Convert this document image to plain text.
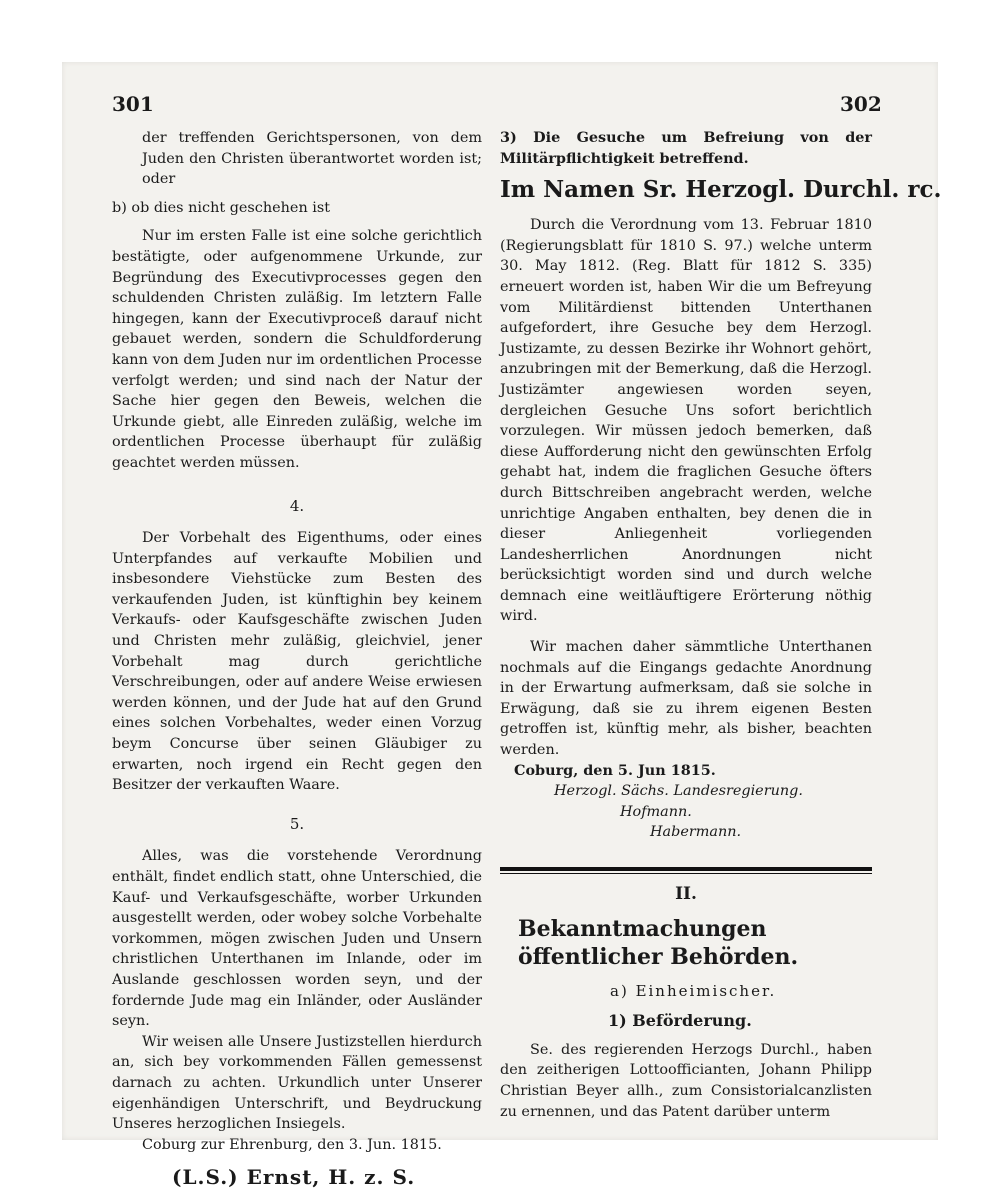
301	302

der treffenden Gerichtspersonen, von dem Juden den Christen überantwortet worden ist; oder

b) ob dies nicht geschehen ist

Nur im ersten Falle ist eine solche gerichtlich bestätigte, oder aufgenommene Urkunde, zur Begründung des Executivprocesses gegen den schuldenden Christen zuläßig. Im letztern Falle hingegen, kann der Executivproceß darauf nicht gebauet werden, sondern die Schuldforderung kann von dem Juden nur im ordentlichen Processe verfolgt werden; und sind nach der Natur der Sache hier gegen den Beweis, welchen die Urkunde giebt, alle Einreden zuläßig, welche im ordentlichen Processe überhaupt für zuläßig geachtet werden müssen.

4.

Der Vorbehalt des Eigenthums, oder eines Unterpfandes auf verkaufte Mobilien und insbesondere Viehstücke zum Besten des verkaufenden Juden, ist künftighin bey keinem Verkaufs- oder Kaufsgeschäfte zwischen Juden und Christen mehr zuläßig, gleichviel, jener Vorbehalt mag durch gerichtliche Verschreibungen, oder auf andere Weise erwiesen werden können, und der Jude hat auf den Grund eines solchen Vorbehaltes, weder einen Vorzug beym Concurse über seinen Gläubiger zu erwarten, noch irgend ein Recht gegen den Besitzer der verkauften Waare.

5.

Alles, was die vorstehende Verordnung enthält, findet endlich statt, ohne Unterschied, die Kauf- und Verkaufsgeschäfte, worber Urkunden ausgestellt werden, oder wobey solche Vorbehalte vorkommen, mögen zwischen Juden und Unsern christlichen Unterthanen im Inlande, oder im Auslande geschlossen worden seyn, und der fordernde Jude mag ein Inländer, oder Ausländer seyn.

Wir weisen alle Unsere Justizstellen hierdurch an, sich bey vorkommenden Fällen gemessenst darnach zu achten. Urkundlich unter Unserer eigenhändigen Unterschrift, und Beydruckung Unseres herzoglichen Insiegels.

Coburg zur Ehrenburg, den 3. Jun. 1815.

(L.S.) Ernst, H. z. S.

3) Die Gesuche um Befreiung von der Militärpflichtigkeit betreffend.

Im Namen Sr. Herzogl. Durchl. rc.

Durch die Verordnung vom 13. Februar 1810 (Regierungsblatt für 1810 S. 97.) welche unterm 30. May 1812. (Reg. Blatt für 1812 S. 335) erneuert worden ist, haben Wir die um Befreyung vom Militärdienst bittenden Unterthanen aufgefordert, ihre Gesuche bey dem Herzogl. Justizamte, zu dessen Bezirke ihr Wohnort gehört, anzubringen mit der Bemerkung, daß die Herzogl. Justizämter angewiesen worden seyen, dergleichen Gesuche Uns sofort berichtlich vorzulegen. Wir müssen jedoch bemerken, daß diese Aufforderung nicht den gewünschten Erfolg gehabt hat, indem die fraglichen Gesuche öfters durch Bittschreiben angebracht werden, welche unrichtige Angaben enthalten, bey denen die in dieser Anliegenheit vorliegenden Landesherrlichen Anordnungen nicht berücksichtigt worden sind und durch welche demnach eine weitläuftigere Erörterung nöthig wird.

Wir machen daher sämmtliche Unterthanen nochmals auf die Eingangs gedachte Anordnung in der Erwartung aufmerksam, daß sie solche in Erwägung, daß sie zu ihrem eigenen Besten getroffen ist, künftig mehr, als bisher, beachten werden.

Coburg, den 5. Jun 1815.

Herzogl. Sächs. Landesregierung.

Hofmann.

Habermann.

II.
Bekanntmachungen öffentlicher Behörden.
a) Einheimischer.
1) Beförderung.

Se. des regierenden Herzogs Durchl., haben den zeitherigen Lottoofficianten, Johann Philipp Christian Beyer allh., zum Consistorialcanzlisten zu ernennen, und das Patent darüber unterm
